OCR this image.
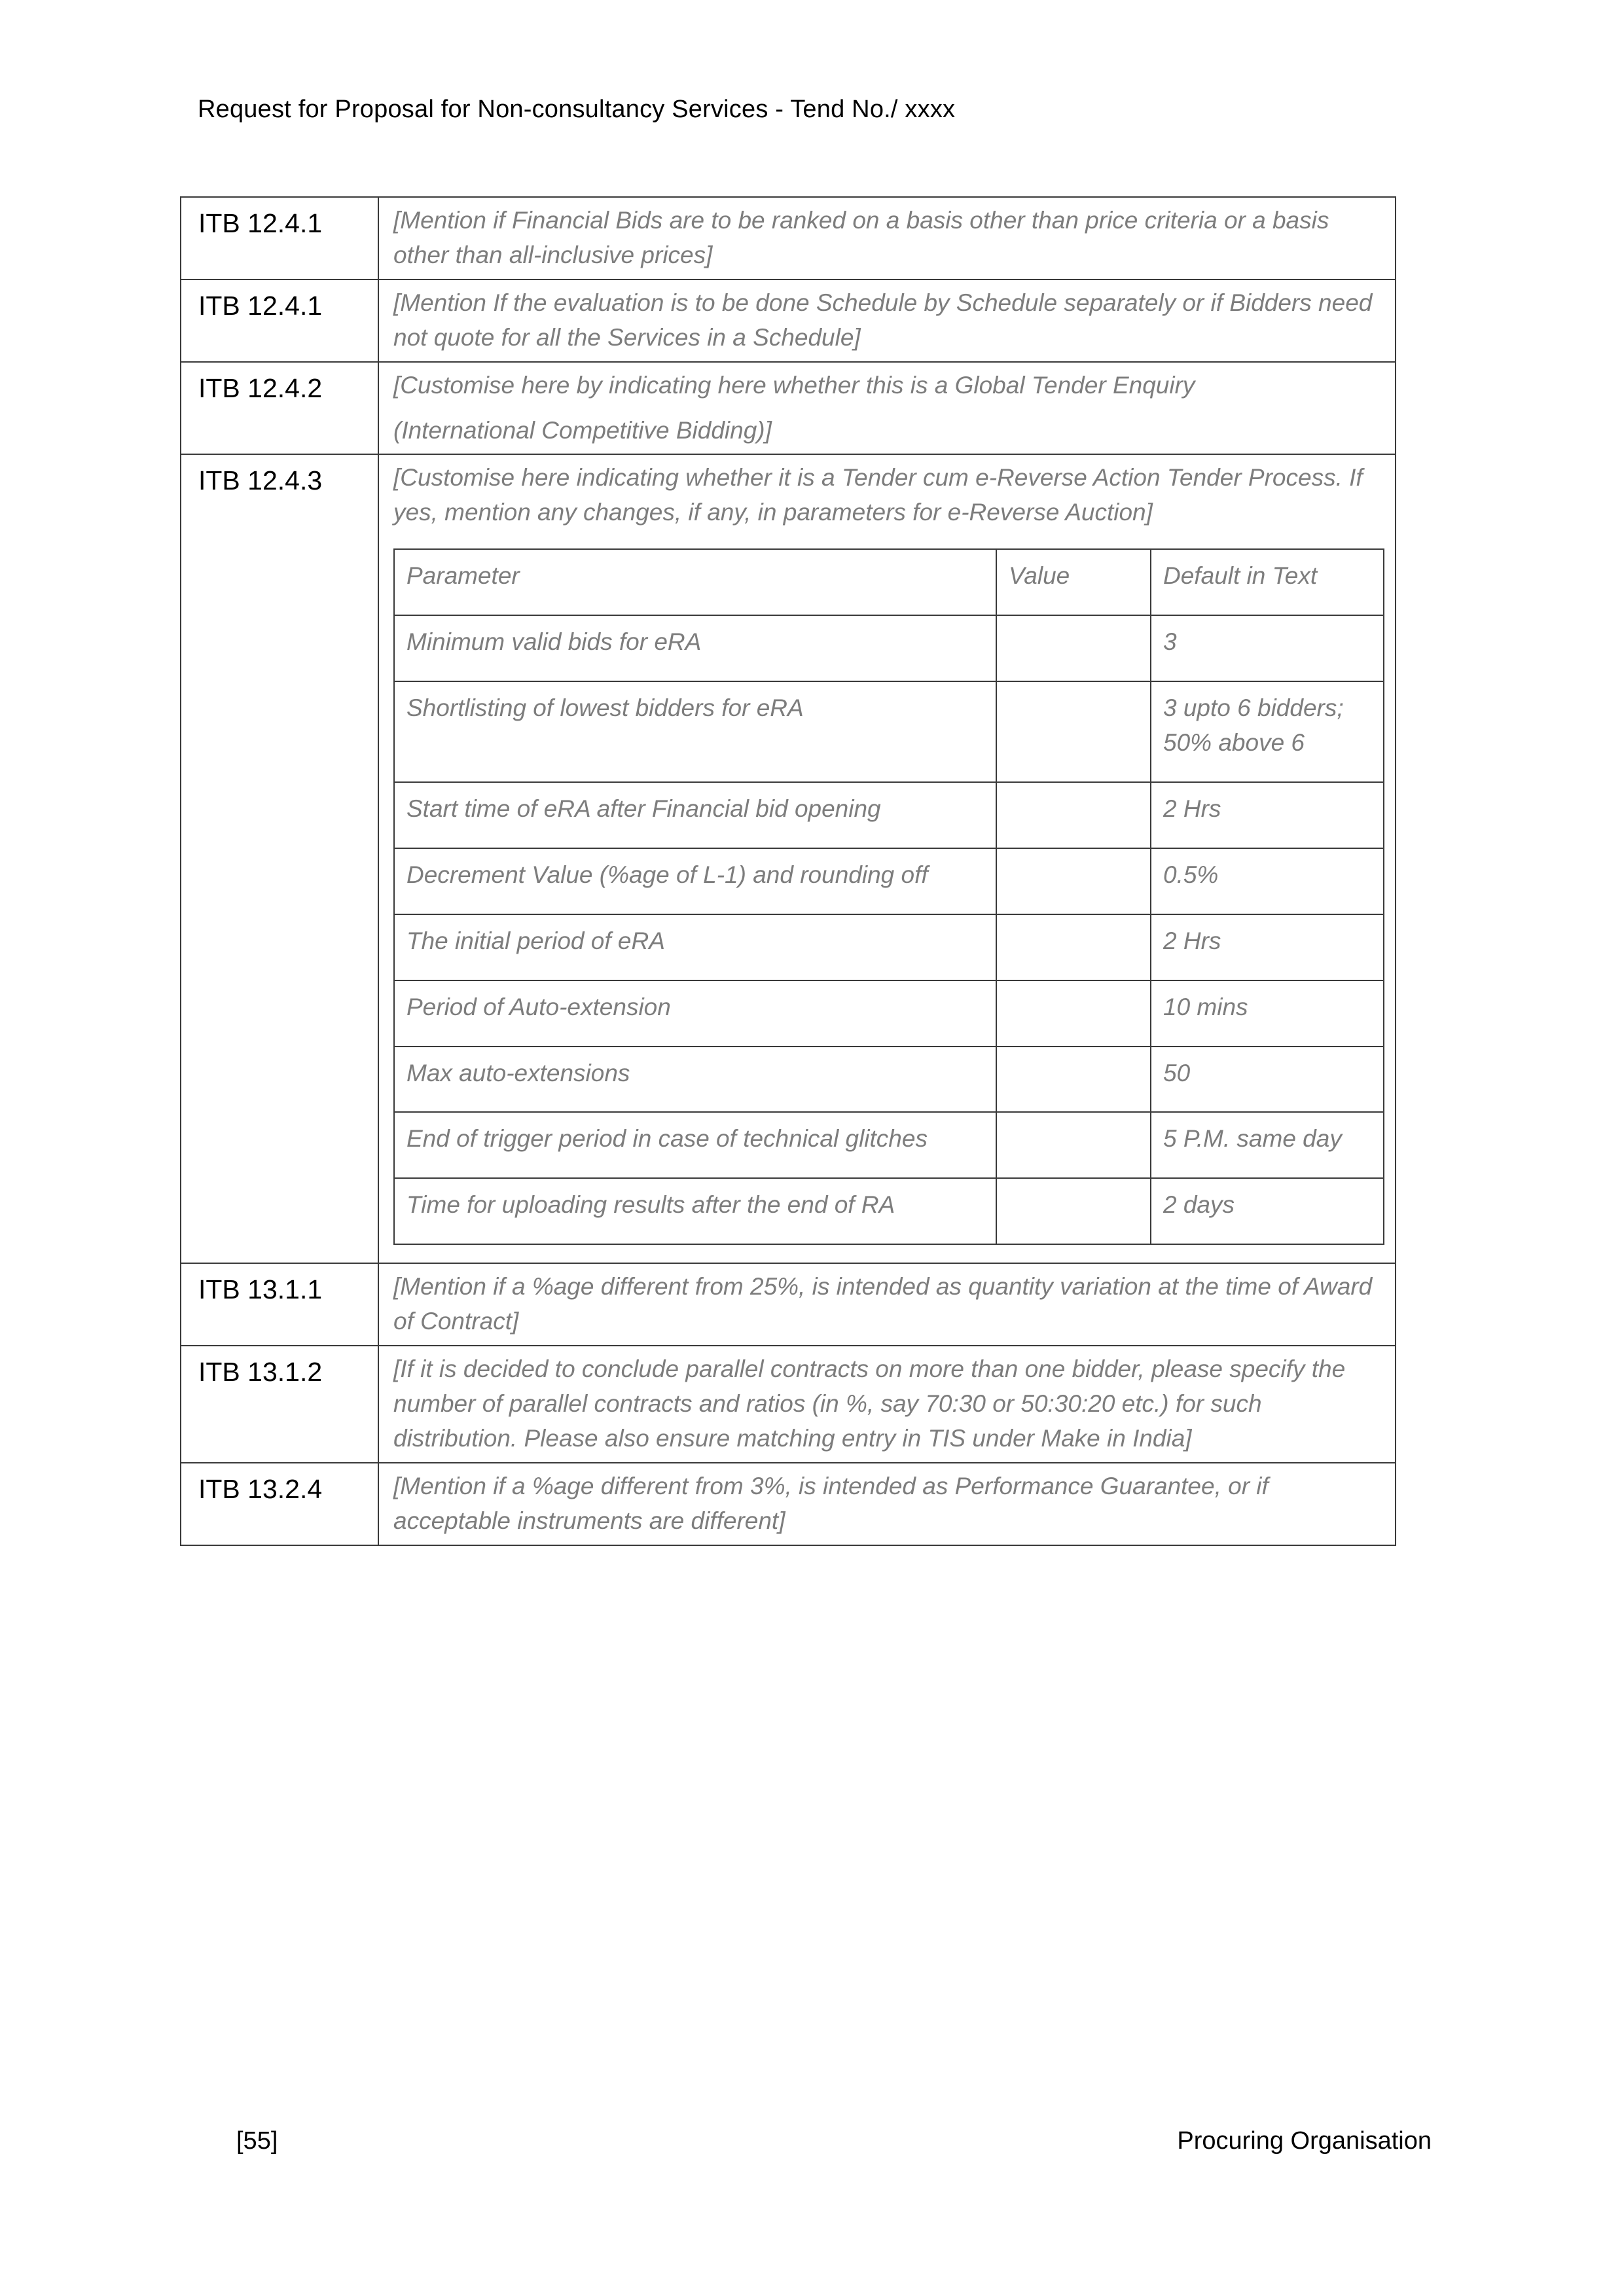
Request for Proposal for Non-consultancy Services - Tend No./ xxxx
ITB 12.4.1	[Mention if Financial Bids are to be ranked on a basis other than price criteria or a basis other than all-inclusive prices]

ITB 12.4.1	[Mention If the evaluation is to be done Schedule by Schedule separately or if Bidders need not quote for all the Services in a Schedule]

ITB 12.4.2	[Customise here by indicating here whether this is a Global Tender Enquiry
(International Competitive Bidding)]

ITB 12.4.3	[Customise here indicating whether it is a Tender cum e-Reverse Action Tender Process. If yes, mention any changes, if any, in parameters for e-Reverse Auction]
Parameter	Value	Default in Text
Minimum valid bids for eRA		3
Shortlisting of lowest bidders for eRA		3 upto 6 bidders; 50% above 6
Start time of eRA after Financial bid opening		2 Hrs
Decrement Value (%age of L-1) and rounding off		0.5%
The initial period of eRA		2 Hrs
Period of Auto-extension		10 mins
Max auto-extensions		50
End of trigger period in case of technical glitches		5 P.M. same day
Time for uploading results after the end of RA		2 days

ITB 13.1.1	[Mention if a %age different from 25%, is intended as quantity variation at the time of Award of Contract]

ITB 13.1.2	[If it is decided to conclude parallel contracts on more than one bidder, please specify the number of parallel contracts and ratios (in %, say 70:30 or 50:30:20 etc.) for such distribution. Please also ensure matching entry in TIS under Make in India]

ITB 13.2.4	[Mention if a %age different from 3%, is intended as Performance Guarantee, or if acceptable instruments are different]
[55]	Procuring Organisation
